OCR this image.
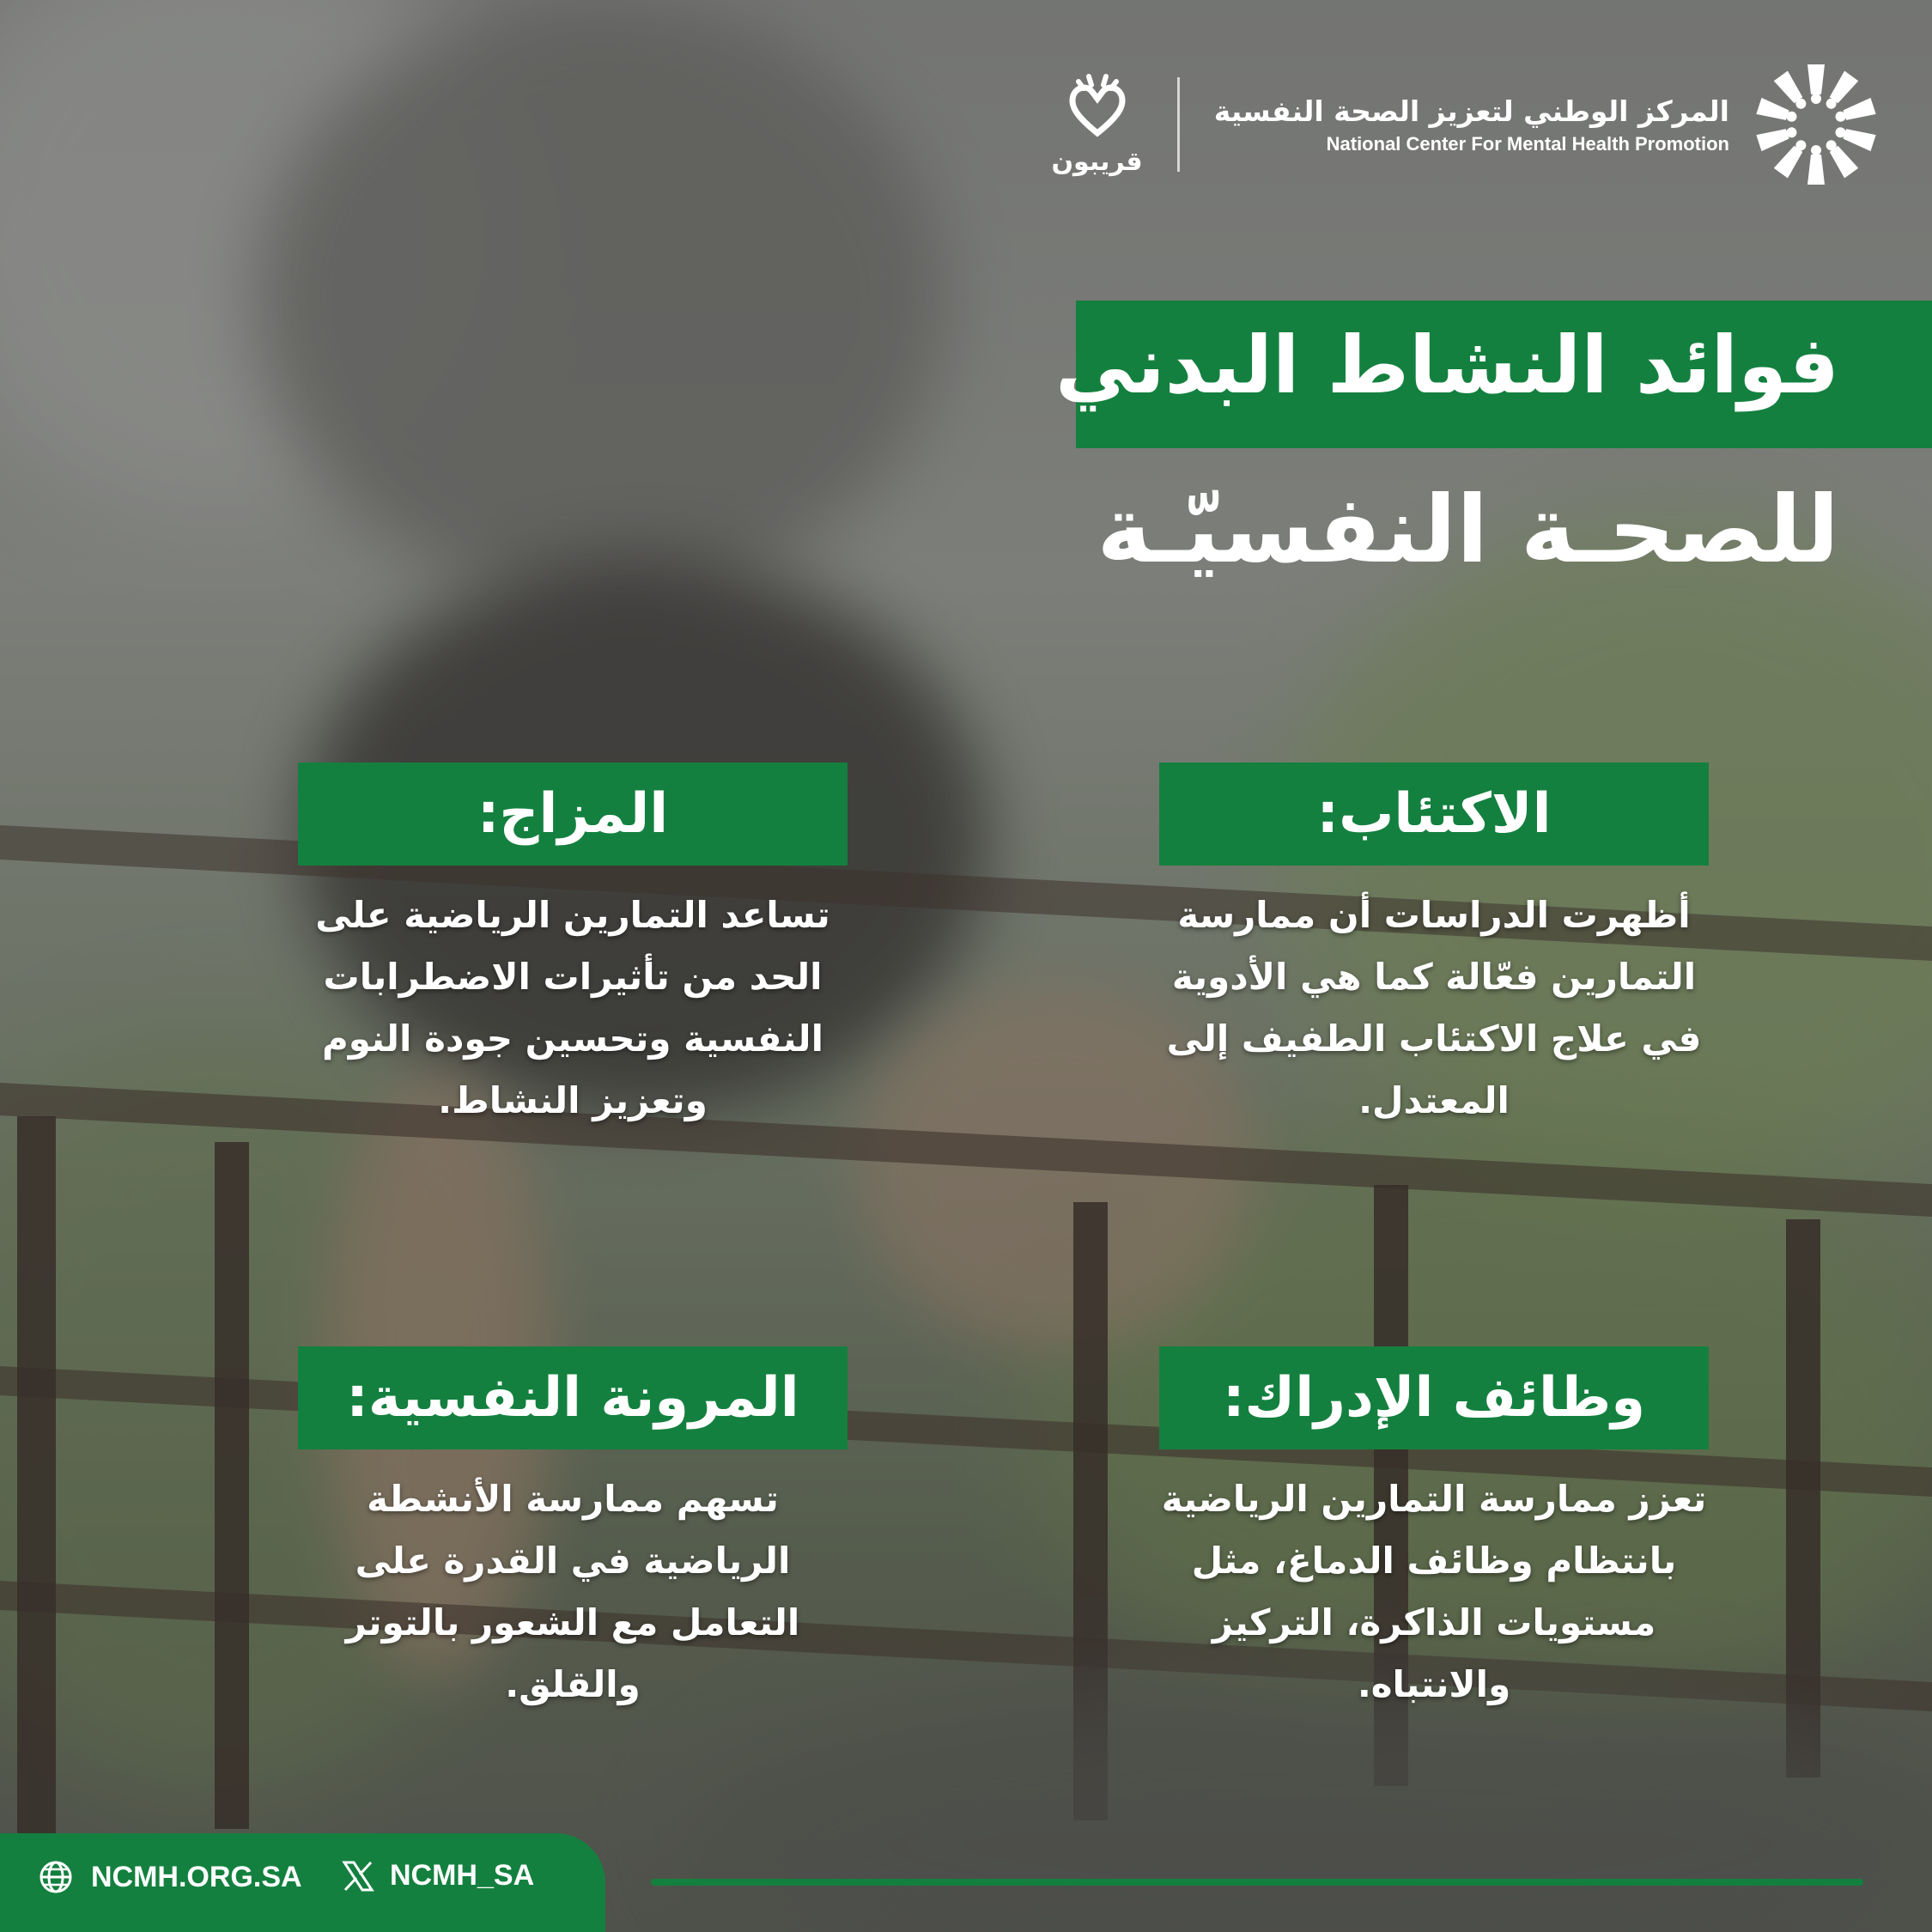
قريبون
المركز الوطني لتعزيز الصحة النفسية
National Center For Mental Health Promotion
فوائد النشاط البدني
للصحـة النفسيّـة
الاكتئاب:
أظهرت الدراسات أن ممارسة التمارين فعّالة كما هي الأدوية في علاج الاكتئاب الطفيف إلى المعتدل.
المزاج:
تساعد التمارين الرياضية على الحد من تأثيرات الاضطرابات النفسية وتحسين جودة النوم وتعزيز النشاط.
وظائف الإدراك:
تعزز ممارسة التمارين الرياضية بانتظام وظائف الدماغ، مثل مستويات الذاكرة، التركيز والانتباه.
المرونة النفسية:
تسهم ممارسة الأنشطة الرياضية في القدرة على التعامل مع الشعور بالتوتر والقلق.
NCMH.ORG.SA	NCMH_SA
